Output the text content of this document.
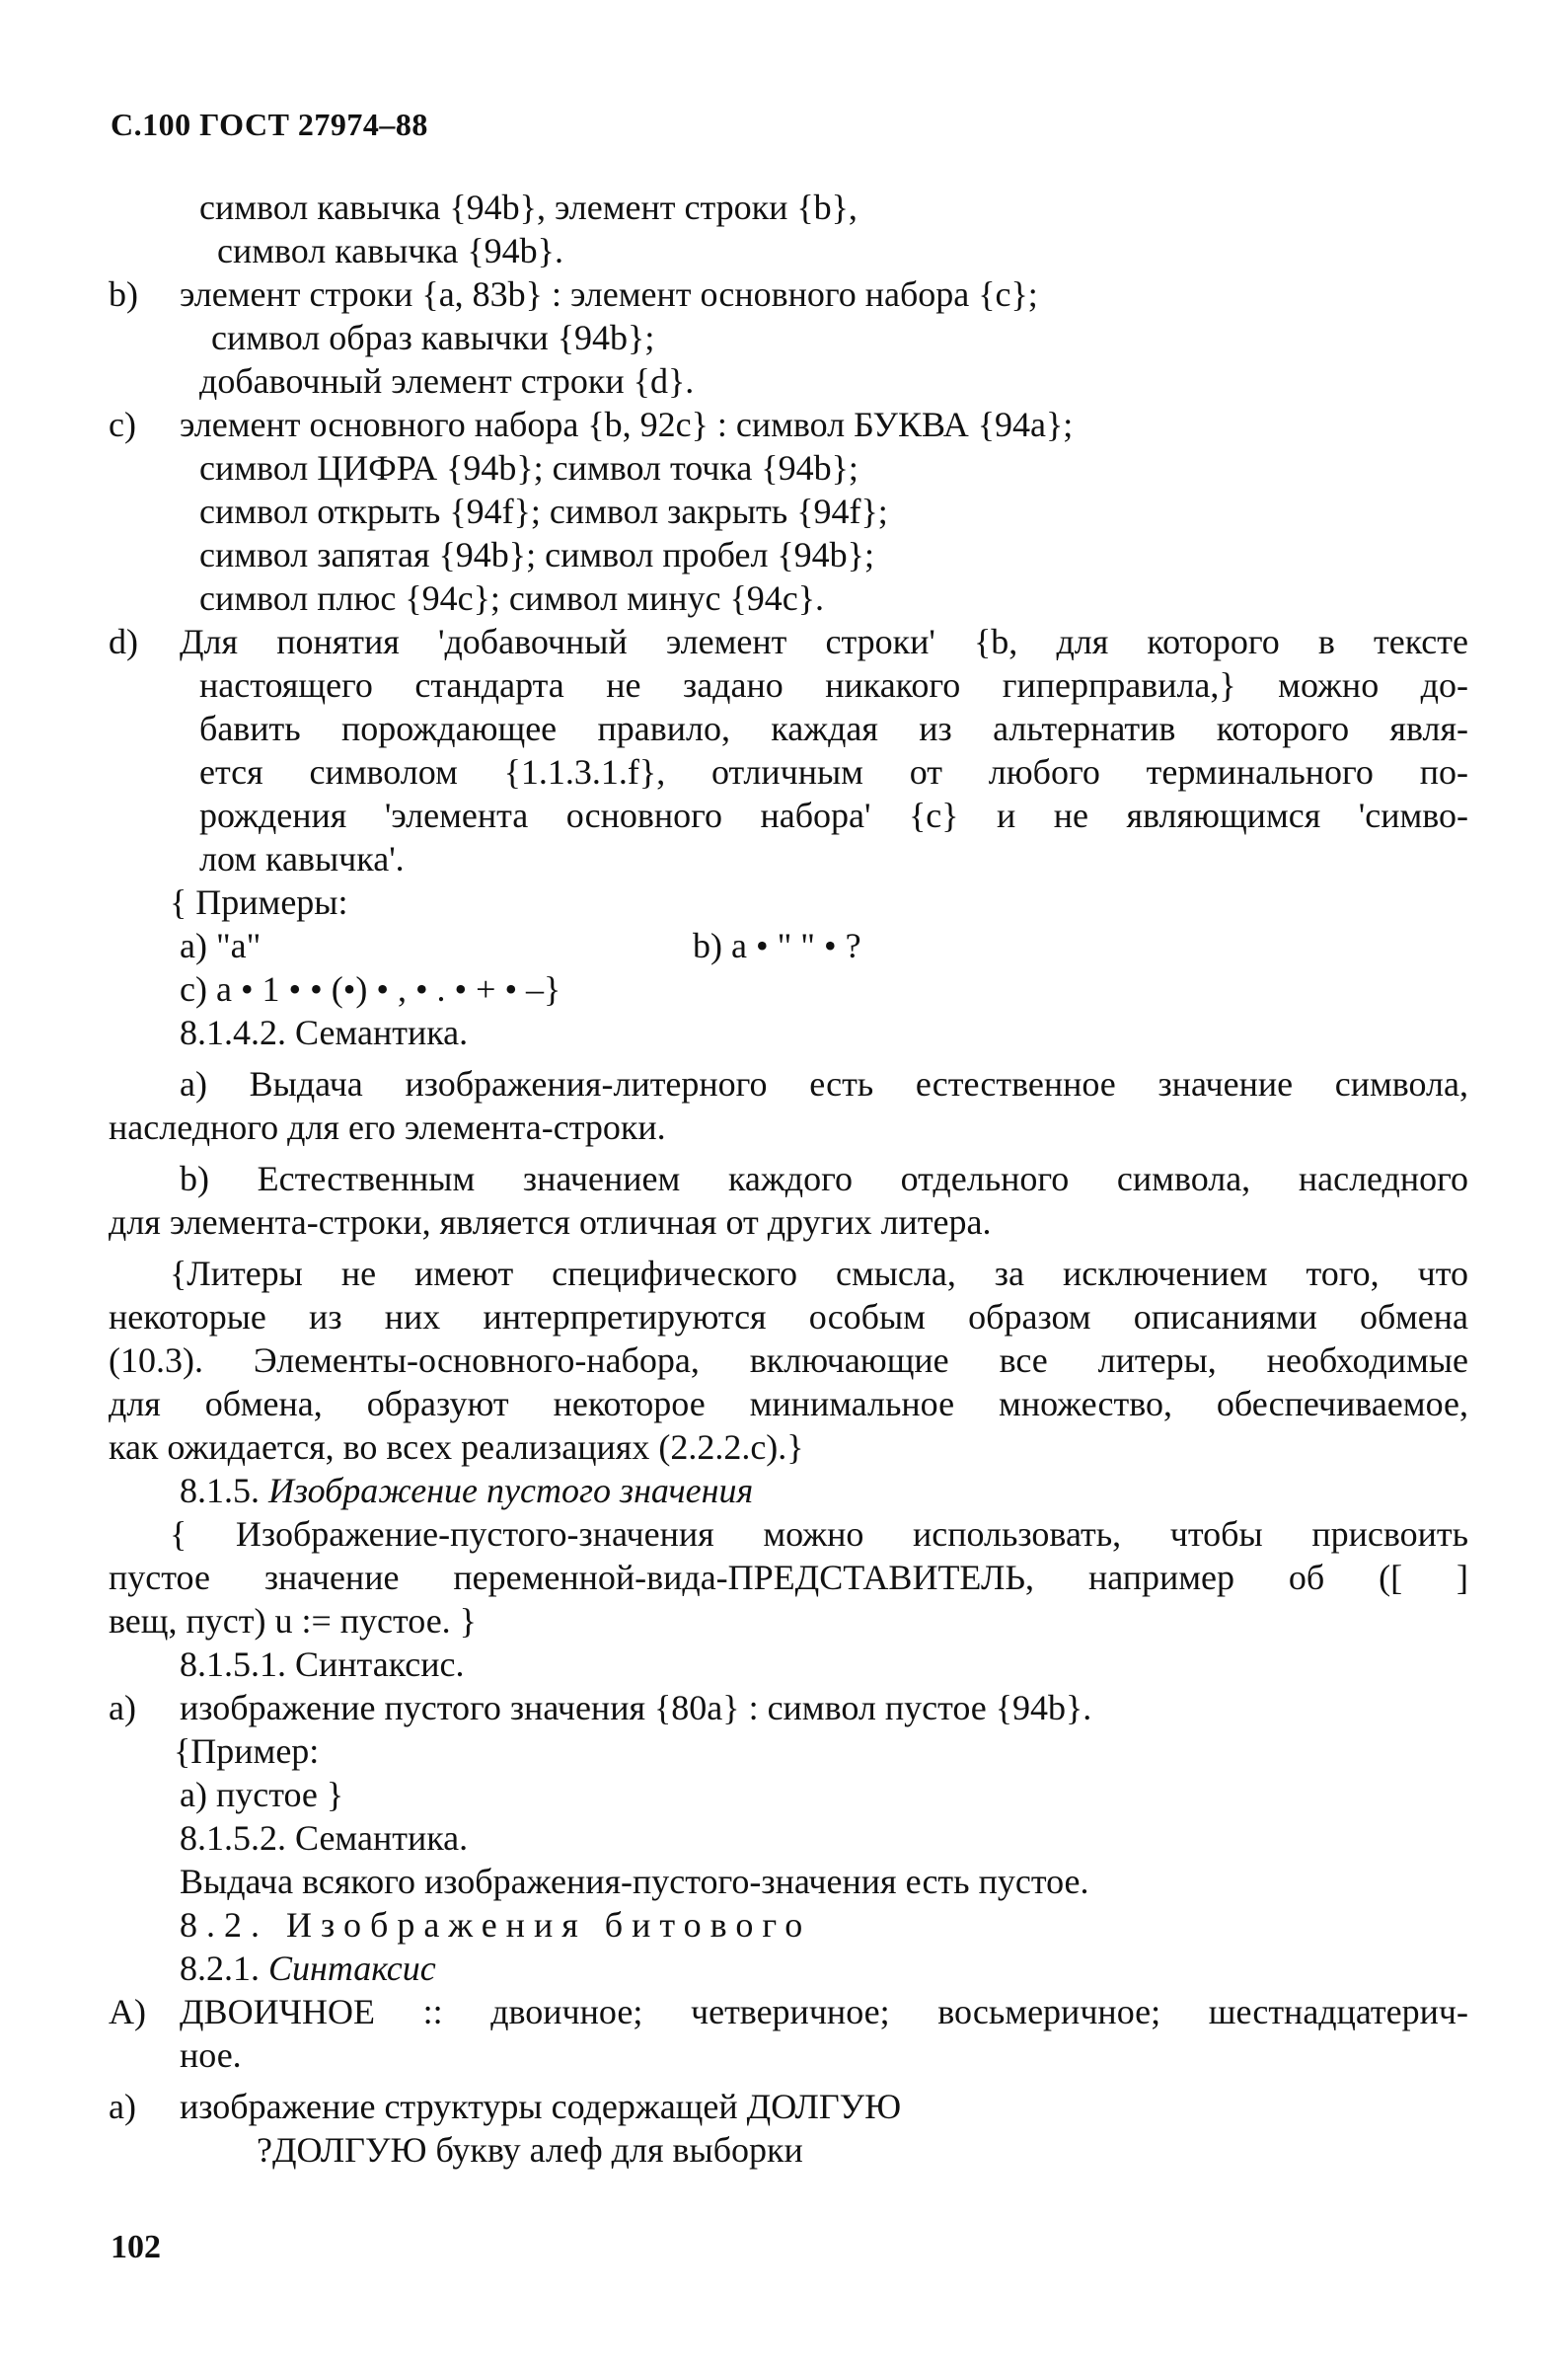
С.100 ГОСТ 27974–88
символ кавычка {94b}, элемент строки {b},
символ кавычка {94b}.
b) элемент строки {a, 83b} : элемент основного набора {c};
символ образ кавычки {94b};
добавочный элемент строки {d}.
c) элемент основного набора {b, 92c} : символ БУКВА {94a};
символ ЦИФРА {94b}; символ точка {94b};
символ открыть {94f}; символ закрыть {94f};
символ запятая {94b}; символ пробел {94b};
символ плюс {94c}; символ минус {94c}.
d) Для понятия 'добавочный элемент строки' {b, для которого в тексте
настоящего стандарта не задано никакого гиперправила,} можно до-
бавить порождающее правило, каждая из альтернатив которого явля-
ется символом {1.1.3.1.f}, отличным от любого терминального по-
рождения 'элемента основного набора' {c} и не являющимся 'симво-
лом кавычка'.
{ Примеры:
a) "a"	b) a • " " • ?
c) a • 1 • • (•) • , • . • + • –}
8.1.4.2. Семантика.
a) Выдача изображения-литерного есть естественное значение символа,
наследного для его элемента-строки.
b) Естественным значением каждого отдельного символа, наследного
для элемента-строки, является отличная от других литера.
{Литеры не имеют специфического смысла, за исключением того, что
некоторые из них интерпретируются особым образом описаниями обмена
(10.3). Элементы-основного-набора, включающие все литеры, необходимые
для обмена, образуют некоторое минимальное множество, обеспечиваемое,
как ожидается, во всех реализациях (2.2.2.c).}
8.1.5. Изображение пустого значения
{ Изображение-пустого-значения можно использовать, чтобы присвоить
пустое значение переменной-вида-ПРЕДСТАВИТЕЛЬ, например об ([ ]
вещ, пуст) u := пустое. }
8.1.5.1. Синтаксис.
a) изображение пустого значения {80a} : символ пустое {94b}.
{Пример:
a) пустое }
8.1.5.2. Семантика.
Выдача всякого изображения-пустого-значения есть пустое.
8.2. Изображения битового
8.2.1. Синтаксис
A) ДВОИЧНОЕ :: двоичное; четверичное; восьмеричное; шестнадцатерич-
ное.
a) изображение структуры содержащей ДОЛГУЮ
?ДОЛГУЮ букву алеф для выборки
102
